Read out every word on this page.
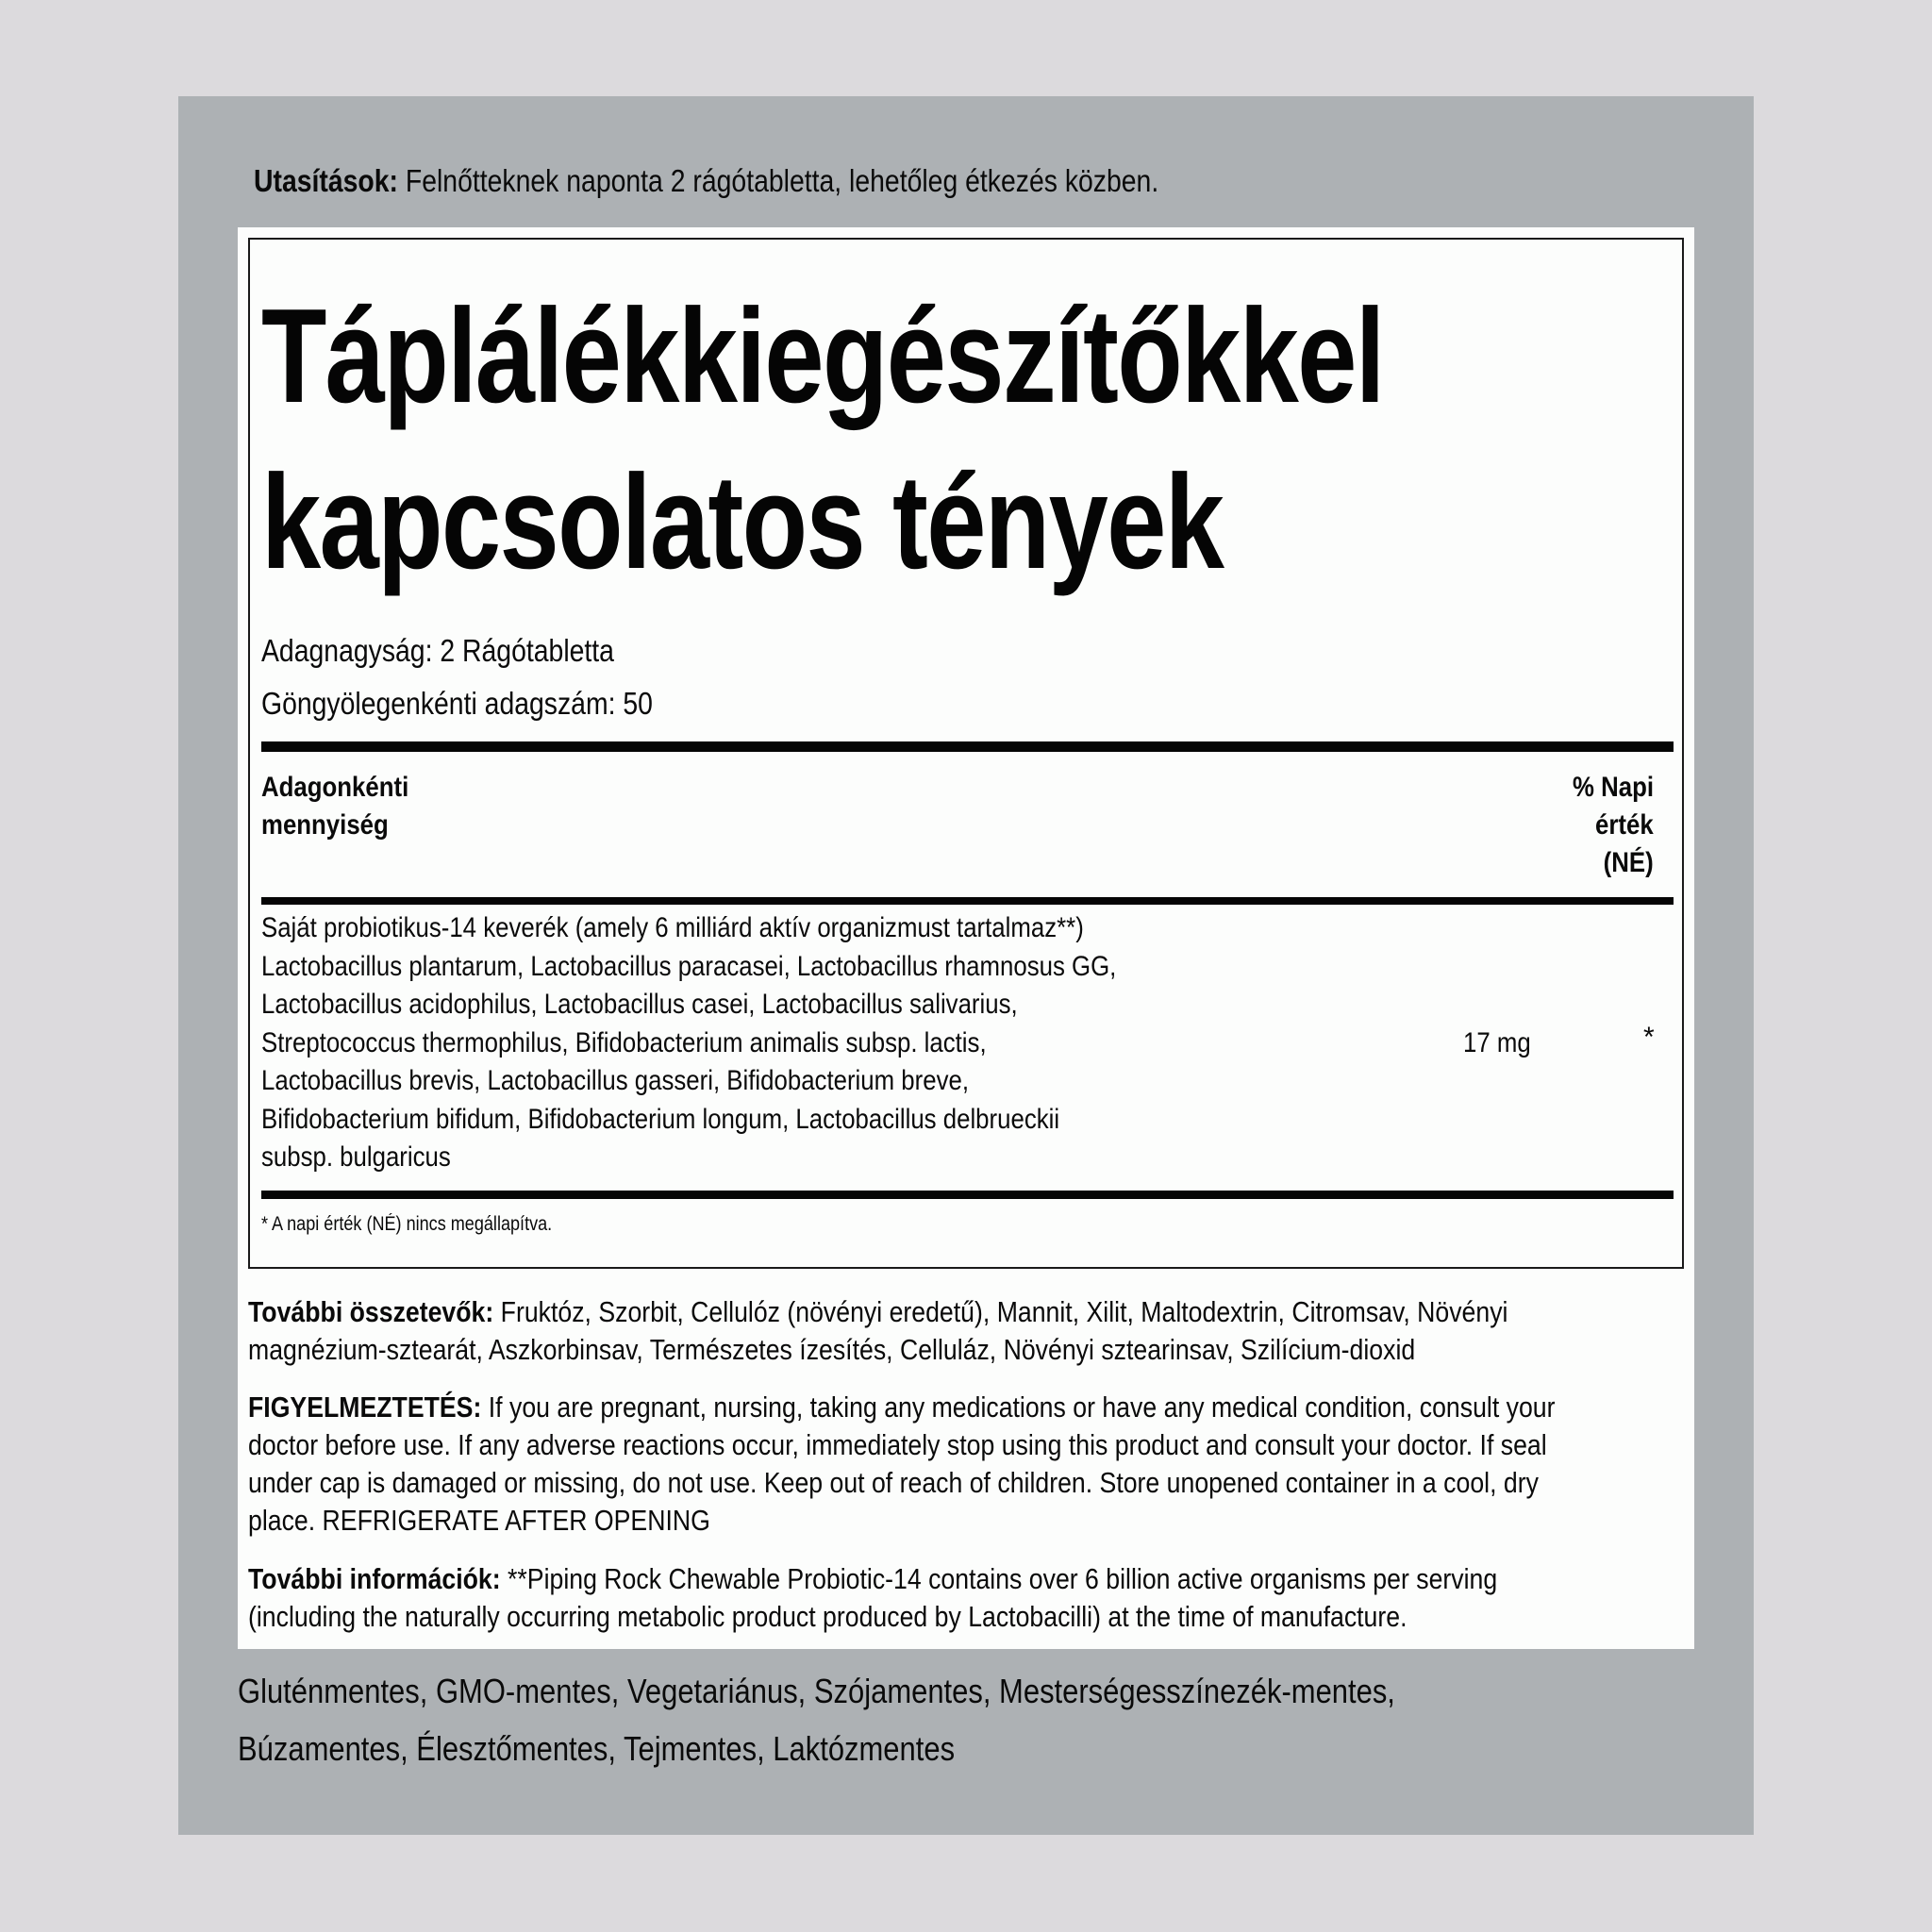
Utasítások: Felnőtteknek naponta 2 rágótabletta, lehetőleg étkezés közben.
Táplálékkiegészítőkkel
kapcsolatos tények
Adagnagyság: 2 Rágótabletta
Göngyölegenkénti adagszám: 50
Adagonkénti
mennyiség
% Napi
érték
(NÉ)
Saját probiotikus-14 keverék (amely 6 milliárd aktív organizmust tartalmaz**)
Lactobacillus plantarum, Lactobacillus paracasei, Lactobacillus rhamnosus GG,
Lactobacillus acidophilus, Lactobacillus casei, Lactobacillus salivarius,
Streptococcus thermophilus, Bifidobacterium animalis subsp. lactis,
Lactobacillus brevis, Lactobacillus gasseri, Bifidobacterium breve,
Bifidobacterium bifidum, Bifidobacterium longum, Lactobacillus delbrueckii
subsp. bulgaricus
17 mg	*
* A napi érték (NÉ) nincs megállapítva.
További összetevők: Fruktóz, Szorbit, Cellulóz (növényi eredetű), Mannit, Xilit, Maltodextrin, Citromsav, Növényi
magnézium-sztearát, Aszkorbinsav, Természetes ízesítés, Celluláz, Növényi sztearinsav, Szilícium-dioxid
FIGYELMEZTETÉS: If you are pregnant, nursing, taking any medications or have any medical condition, consult your
doctor before use. If any adverse reactions occur, immediately stop using this product and consult your doctor. If seal
under cap is damaged or missing, do not use. Keep out of reach of children. Store unopened container in a cool, dry
place. REFRIGERATE AFTER OPENING
További információk: **Piping Rock Chewable Probiotic-14 contains over 6 billion active organisms per serving
(including the naturally occurring metabolic product produced by Lactobacilli) at the time of manufacture.
Gluténmentes, GMO-mentes, Vegetariánus, Szójamentes, Mesterségesszínezék-mentes,
Búzamentes, Élesztőmentes, Tejmentes, Laktózmentes
